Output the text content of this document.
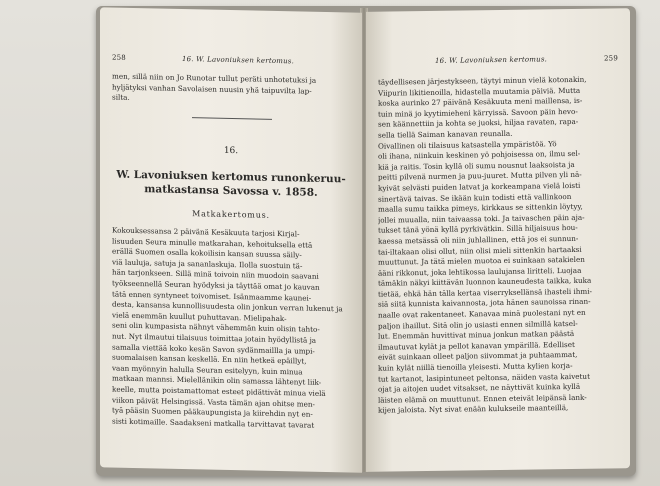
258	16. W. Lavoniuksen kertomus.

men, sillä niin on Jo Runotar tullut peräti unhotetuksi ja

hyljätyksi vanhan Savolaisen nuusin yhä taipuvilta lap-

silta.

16.
W. Lavoniuksen kertomus runonkeruu-
matkastansa Savossa v. 1858.
Matkakertomus.

Kokouksessansa 2 päivänä Kesäkuuta tarjosi Kirjal-

lisuuden Seura minulle matkarahan, kehoituksella että

erällä Suomen osalla kokoilisin kansan suussa säily-

viä lauluja, satuja ja sananlaskuja. Ilolla suostuin tä-

hän tarjonkseen. Sillä minä toivoin niin muodoin saavani

työkseennellä Seuran hyödyksi ja täyttää omat jo kauvan

tätä ennen syntyneet toivomiset. Isänmaamme kaunei-

desta, kansansa kunnollisuudesta olin jonkun verran lukenut ja

vielä enemmän kuullut puhuttavan. Mielipahak-

seni olin kumpasista nähnyt vähemmän kuin olisin tahto-

nut. Nyt ilmautui tilaisuus toimittaa jotain hyödyllistä ja

samalla viettää koko kesän Savon sydänmaillla ja umpi-

suomalaisen kansan keskellä. En niin hetkeä epäillyt,

vaan myönnyin halulla Seuran esitelyyn, kuin minua

matkaan mannsi. Mielellänikin olin samassa lähtenyt liik-

keelle, mutta poistamattomat esteet pidättivät minua vielä

viikon päivät Helsingissä. Vasta tämän ajan ohitse men-

tyä pääsin Suomen pääkaupungista ja kiirehdin nyt en-

sisti kotimaille. Saadakseni matkalla tarvittavat tavarat

16. W. Lavoniuksen kertomus.	259

täydellisesen järjestykseen, täytyi minun vielä kotonakin,

Viipurin likitienoilla, hidastella muutamia päiviä. Mutta

koska aurinko 27 päivänä Kesäkuuta meni maillensa, is-

tuin minä jo kyytimieheni kärryissä. Savoon päin hevo-

sen käännettiin ja kohta se juoksi, hiljaa ravaten, rapa-

sella tiellä Saiman kanavan reunalla.

Oivallinen oli tilaisuus katsastella ympäristöä. Yö

oli ihana, niinkuin keskinen yö pohjoisessa on, ilmu sel-

kiä ja raitis. Tosin kyllä oli sumu nousnut laaksoista ja

peitti pilvenä nurmen ja puu-juuret. Mutta pilven yli nä-

kyivät selvästi puiden latvat ja korkeampana vielä loisti

sinertävä taivas. Se ikään kuin todisti että vallinkoon

maalla sumu taikka pimeys, kirkkaus se sittenkin löytyy,

jollei muualla, niin taivaassa toki. Ja taivaschen päin aja-

tukset tänä yönä kyllä pyrkivätkin. Sillä hiljaisuus hou-

kaessa metsässä oli niin juhlallinen, että jos ei sunnun-

tai-iltakaan olisi ollut, niin olisi mieli sittenkin hartaaksi

muuttunut. Ja tätä mielen muotoa ei suinkaan satakielen

ääni rikkonut, joka lehtikossa laulujansa liritteli. Luojaa

tämäkin näkyi kiittävän luonnon kauneudesta taikka, kuka

tietää, ehkä hän tälla kertaa viserryksellänsä ihasteli ihmi-

siä siitä kunnista kaivannosta, jota hänen saunoissa rinan-

naalle ovat rakentaneet. Kanavaa minä puolestani nyt en

paljon ihaillut. Sitä olin jo usiasti ennen silmillä katsel-

lut. Enemmän huvittivat minua jonkun matkan päästä

ilmautuvat kylät ja pellot kanavan ympärillä. Edelliset

eivät suinkaan olleet paljon siivommat ja puhtaammat,

kuin kylät niillä tienoilla yleisesti. Mutta kylien korja-

tut kartanot, lasipintuneet peltonsa, näiden vasta kaivetut

ojat ja aitojen uudet vitsakset, ne näyttivät kuinka kyllä

läisten elämä on muuttunut. Ennen eteivät leipänsä lank-

kijen jaloista. Nyt sivat enään kulukseile maanteillä,
